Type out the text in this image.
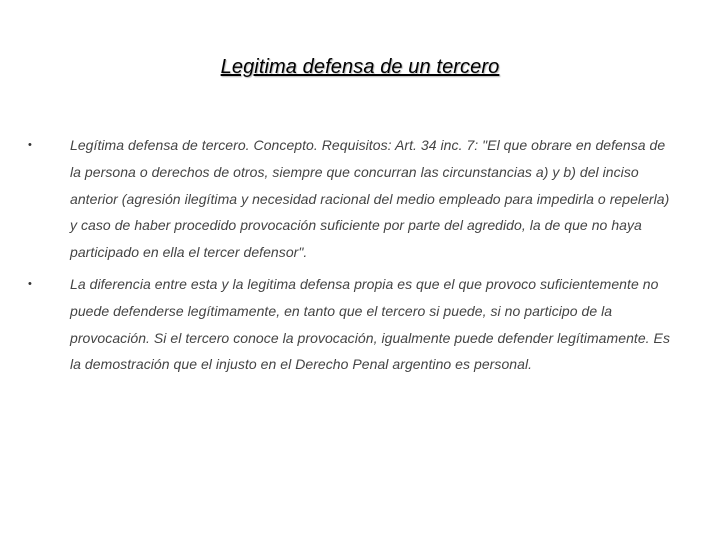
Legitima defensa de un tercero
•	Legítima defensa de tercero. Concepto. Requisitos: Art. 34 inc. 7: "El que obrare en defensa de la persona o derechos de otros, siempre que concurran las circunstancias a) y b) del inciso anterior (agresión ilegítima y necesidad racional del medio empleado para impedirla o repelerla) y caso de haber procedido provocación suficiente por parte del agredido, la de que no haya participado en ella el tercer defensor".
•	La diferencia entre esta y la legitima defensa propia es que el que provoco suficientemente no puede defenderse legítimamente, en tanto que el tercero si puede, si no participo de la provocación. Si el tercero conoce la provocación, igualmente puede defender legítimamente. Es la demostración que el injusto en el Derecho Penal argentino es personal.
